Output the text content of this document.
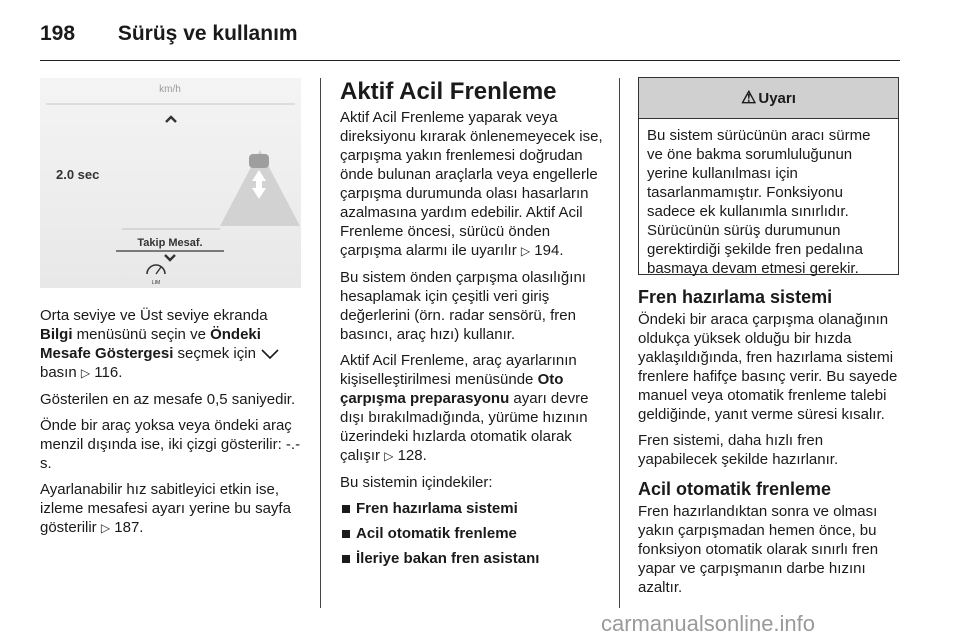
198 Sürüş ve kullanım
km/h
2.0 sec
Takip Mesaf.
LIM

Orta seviye ve Üst seviye ekranda Bilgi menüsünü seçin ve Öndeki Mesafe Göstergesi seçmek için
basın ▷ 116.

Gösterilen en az mesafe 0,5 saniyedir.

Önde bir araç yoksa veya öndeki araç menzil dışında ise, iki çizgi gösterilir: -.- s.

Ayarlanabilir hız sabitleyici etkin ise, izleme mesafesi ayarı yerine bu sayfa gösterilir ▷ 187.

Aktif Acil Frenleme

Aktif Acil Frenleme yaparak veya direksiyonu kırarak önlenemeyecek ise, çarpışma yakın frenlemesi doğrudan önde bulunan araçlarla veya engellerle çarpışma durumunda olası hasarların azalmasına yardım edebilir. Aktif Acil Frenleme öncesi, sürücü önden çarpışma alarmı ile uyarılır ▷ 194.

Bu sistem önden çarpışma olasılığını hesaplamak için çeşitli veri giriş değerlerini (örn. radar sensörü, fren basıncı, araç hızı) kullanır.

Aktif Acil Frenleme, araç ayarlarının kişiselleştirilmesi menüsünde Oto çarpışma preparasyonu ayarı devre dışı bırakılmadığında, yürüme hızının üzerindeki hızlarda otomatik olarak çalışır ▷ 128.

Bu sistemin içindekiler:

Fren hazırlama sistemi
Acil otomatik frenleme
İleriye bakan fren asistanı
⚠ Uyarı
Bu sistem sürücünün aracı sürme ve öne bakma sorumluluğunun yerine kullanılması için tasarlanmamıştır. Fonksiyonu sadece ek kullanımla sınırlıdır. Sürücünün sürüş durumunun gerektirdiği şekilde fren pedalına basmaya devam etmesi gerekir.
Fren hazırlama sistemi

Öndeki bir araca çarpışma olanağının oldukça yüksek olduğu bir hızda yaklaşıldığında, fren hazırlama sistemi frenlere hafifçe basınç verir. Bu sayede manuel veya otomatik frenleme talebi geldiğinde, yanıt verme süresi kısalır.

Fren sistemi, daha hızlı fren yapabilecek şekilde hazırlanır.

Acil otomatik frenleme

Fren hazırlandıktan sonra ve olması yakın çarpışmadan hemen önce, bu fonksiyon otomatik olarak sınırlı fren yapar ve çarpışmanın darbe hızını azaltır.

carmanualsonline.info
